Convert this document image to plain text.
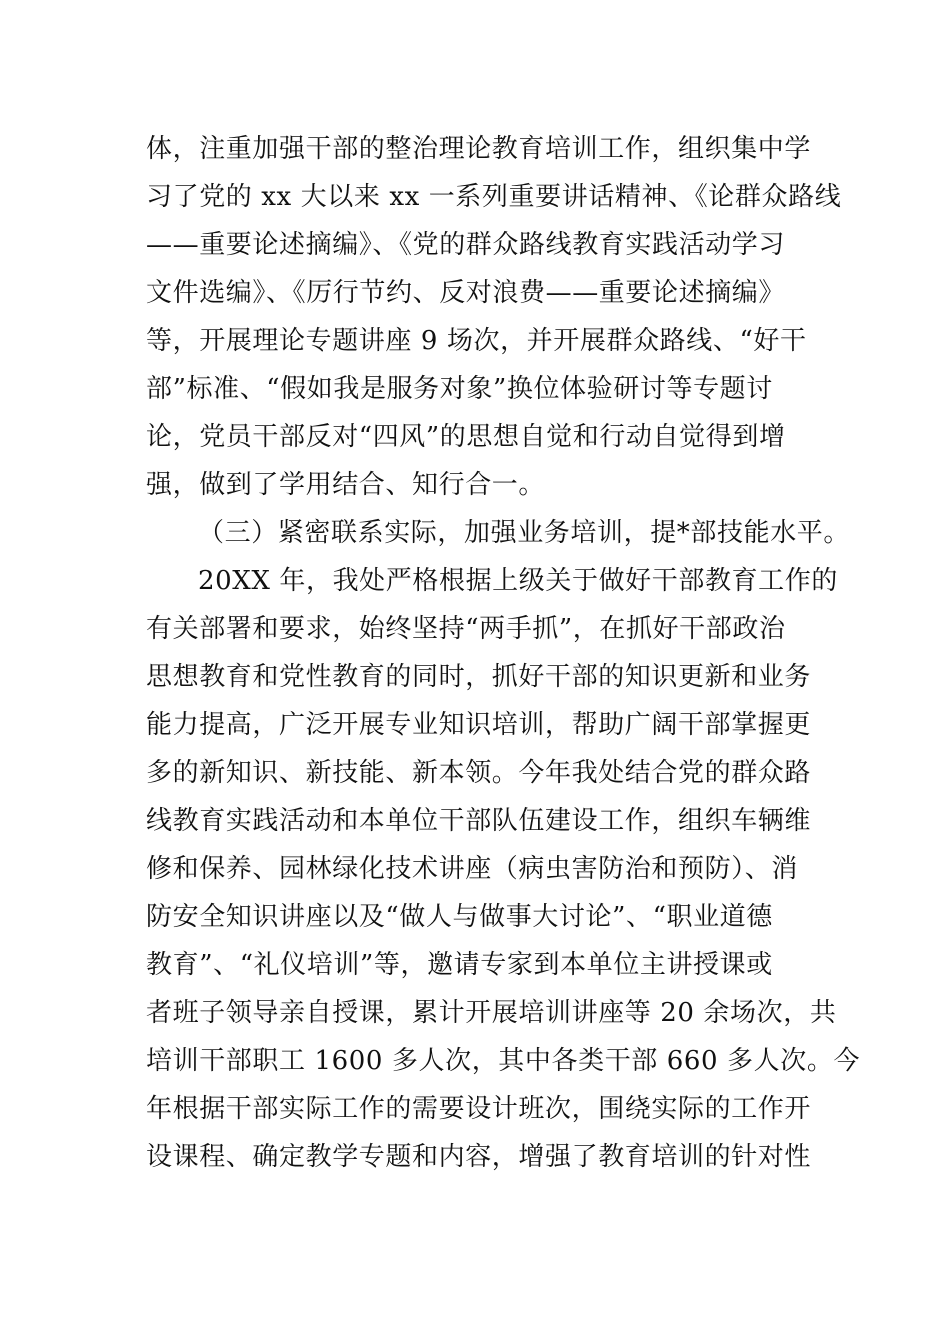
体，注重加强干部的整治理论教育培训工作，组织集中学
习了党的 xx 大以来 xx 一系列重要讲话精神、《论群众路线
——重要论述摘编》、《党的群众路线教育实践活动学习
文件选编》、《厉行节约、反对浪费——重要论述摘编》
等，开展理论专题讲座 9 场次，并开展群众路线、“好干
部”标准、“假如我是服务对象”换位体验研讨等专题讨
论，党员干部反对“四风”的思想自觉和行动自觉得到增
强，做到了学用结合、知行合一。
（三）紧密联系实际，加强业务培训，提*部技能水平。
20XX 年，我处严格根据上级关于做好干部教育工作的
有关部署和要求，始终坚持“两手抓”，在抓好干部政治
思想教育和党性教育的同时，抓好干部的知识更新和业务
能力提高，广泛开展专业知识培训，帮助广阔干部掌握更
多的新知识、新技能、新本领。今年我处结合党的群众路
线教育实践活动和本单位干部队伍建设工作，组织车辆维
修和保养、园林绿化技术讲座（病虫害防治和预防）、消
防安全知识讲座以及“做人与做事大讨论”、“职业道德
教育”、“礼仪培训”等，邀请专家到本单位主讲授课或
者班子领导亲自授课，累计开展培训讲座等 20 余场次，共
培训干部职工 1600 多人次，其中各类干部 660 多人次。今
年根据干部实际工作的需要设计班次，围绕实际的工作开
设课程、确定教学专题和内容，增强了教育培训的针对性
